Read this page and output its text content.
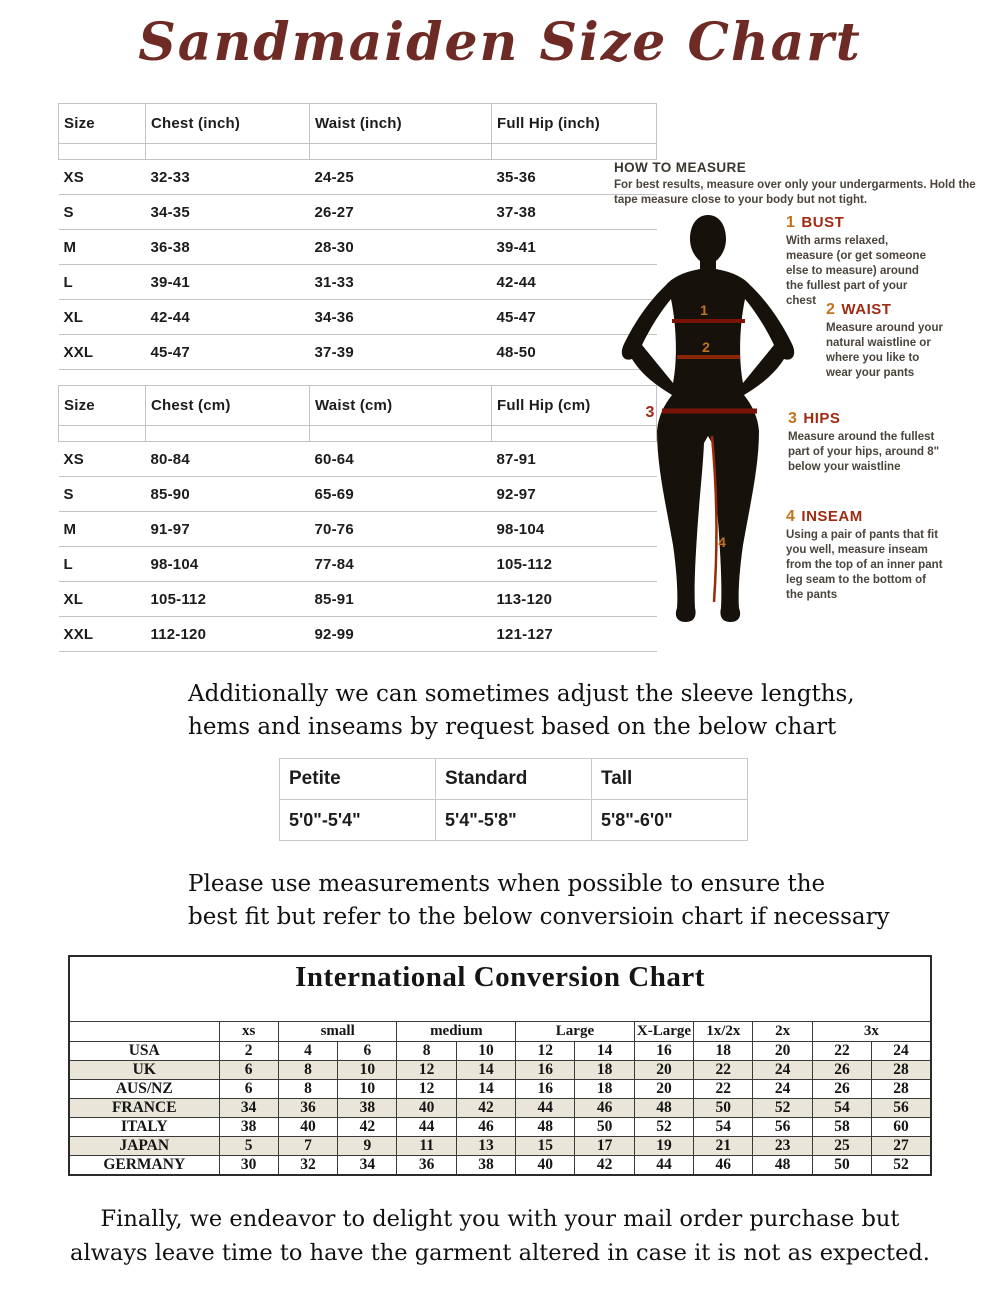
Sandmaiden Size Chart
Size	Chest (inch)	Waist (inch)	Full Hip (inch)

XS	32-33	24-25	35-36
S	34-35	26-27	37-38
M	36-38	28-30	39-41
L	39-41	31-33	42-44
XL	42-44	34-36	45-47
XXL	45-47	37-39	48-50
Size	Chest (cm)	Waist (cm)	Full Hip (cm)

XS	80-84	60-64	87-91
S	85-90	65-69	92-97
M	91-97	70-76	98-104
L	98-104	77-84	105-112
XL	105-112	85-91	113-120
XXL	112-120	92-99	121-127
HOW TO MEASURE
For best results, measure over only your undergarments. Hold the tape measure close to your body but not tight.
1
2
3
4
1 BUST
With arms relaxed, measure (or get someone else to measure) around the fullest part of your chest 2 WAIST
Measure around your natural waistline or where you like to wear your pants
3 HIPS
Measure around the fullest part of your hips, around 8" below your waistline
4 INSEAM
Using a pair of pants that fit you well, measure inseam from the top of an inner pant leg seam to the bottom of the pants
Additionally we can sometimes adjust the sleeve lengths,
hems and inseams by request based on the below chart
Petite	Standard	Tall
5'0"-5'4"	5'4"-5'8"	5'8"-6'0"
Please use measurements when possible to ensure the
best fit but refer to the below conversioin chart if necessary
International Conversion Chart												
	xs	small		medium		Large		X-Large	1x/2x	2x	3x	
USA	2	4	6	8	10	12	14	16	18	20	22	24
UK	6	8	10	12	14	16	18	20	22	24	26	28
AUS/NZ	6	8	10	12	14	16	18	20	22	24	26	28
FRANCE	34	36	38	40	42	44	46	48	50	52	54	56
ITALY	38	40	42	44	46	48	50	52	54	56	58	60
JAPAN	5	7	9	11	13	15	17	19	21	23	25	27
GERMANY	30	32	34	36	38	40	42	44	46	48	50	52
Finally, we endeavor to delight you with your mail order purchase but
always leave time to have the garment altered in case it is not as expected.
